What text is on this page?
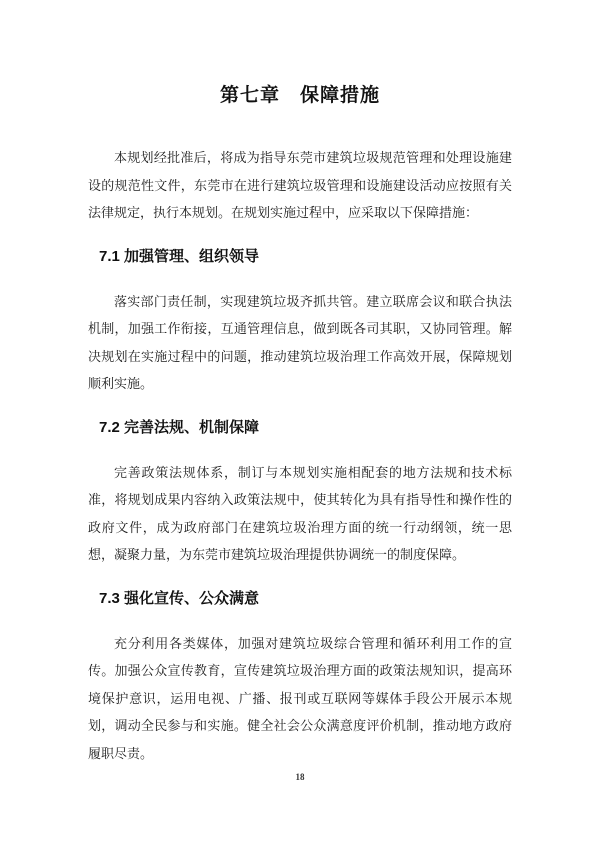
第七章　保障措施

本规划经批准后，将成为指导东莞市建筑垃圾规范管理和处理设施建设的规范性文件，东莞市在进行建筑垃圾管理和设施建设活动应按照有关法律规定，执行本规划。在规划实施过程中，应采取以下保障措施：

7.1 加强管理、组织领导

落实部门责任制，实现建筑垃圾齐抓共管。建立联席会议和联合执法机制，加强工作衔接，互通管理信息，做到既各司其职，又协同管理。解决规划在实施过程中的问题，推动建筑垃圾治理工作高效开展，保障规划顺利实施。

7.2 完善法规、机制保障

完善政策法规体系，制订与本规划实施相配套的地方法规和技术标准，将规划成果内容纳入政策法规中，使其转化为具有指导性和操作性的政府文件，成为政府部门在建筑垃圾治理方面的统一行动纲领，统一思想，凝聚力量，为东莞市建筑垃圾治理提供协调统一的制度保障。

7.3 强化宣传、公众满意

充分利用各类媒体，加强对建筑垃圾综合管理和循环利用工作的宣传。加强公众宣传教育，宣传建筑垃圾治理方面的政策法规知识，提高环境保护意识，运用电视、广播、报刊或互联网等媒体手段公开展示本规划，调动全民参与和实施。健全社会公众满意度评价机制，推动地方政府履职尽责。

18
